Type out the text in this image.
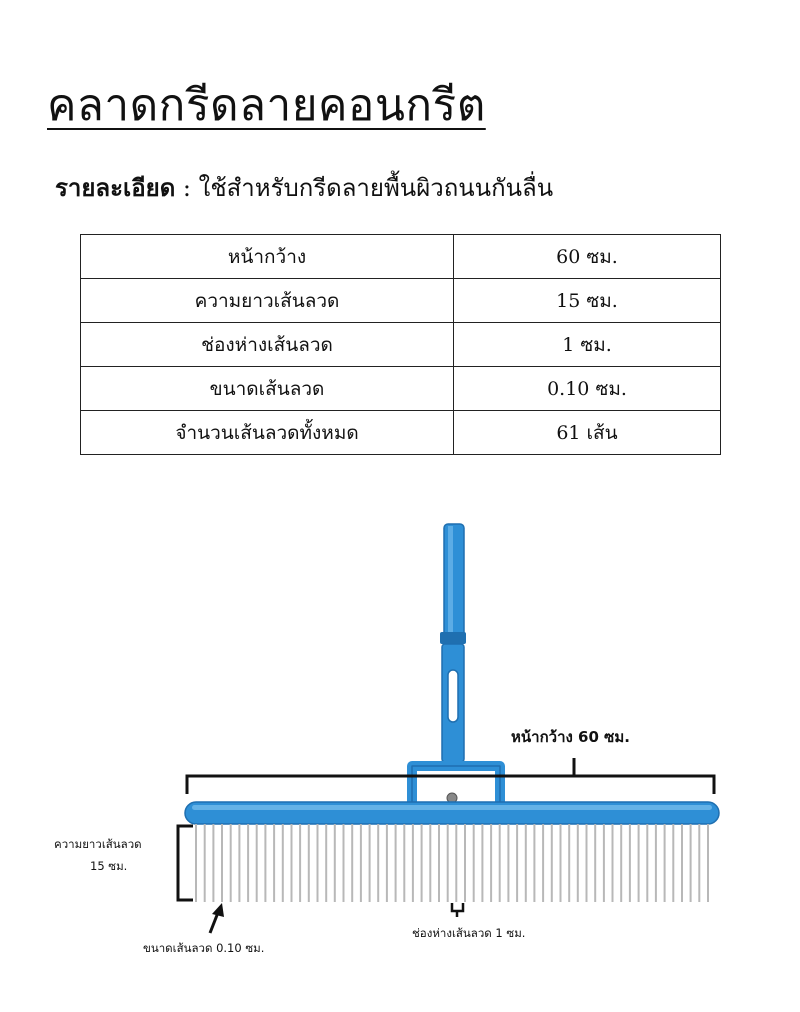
คลาดกรีดลายคอนกรีต
รายละเอียด : ใช้สำหรับกรีดลายพื้นผิวถนนกันลื่น
หน้ากว้าง	60 ซม.
ความยาวเส้นลวด	15 ซม.
ช่องห่างเส้นลวด	1 ซม.
ขนาดเส้นลวด	0.10 ซม.
จำนวนเส้นลวดทั้งหมด	61 เส้น
หน้ากว้าง 60 ซม.
ความยาวเส้นลวด
15 ซม.
ขนาดเส้นลวด 0.10 ซม.
ช่องห่างเส้นลวด 1 ซม.
